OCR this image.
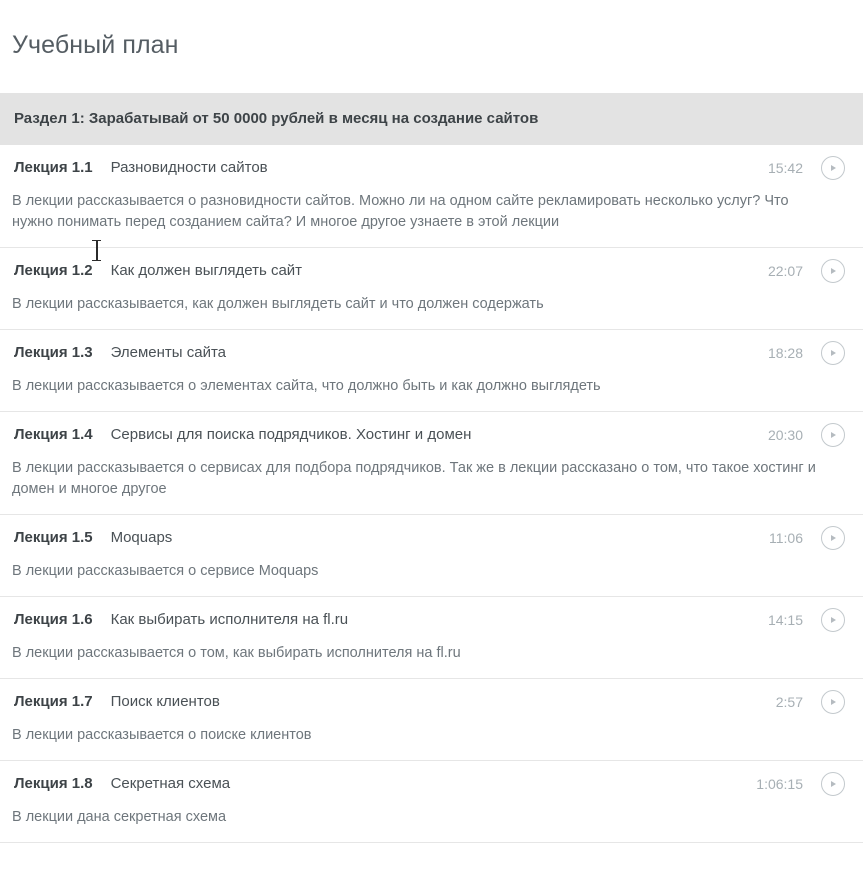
Учебный план
Раздел 1: Зарабатывай от 50 0000 рублей в месяц на создание сайтов
Лекция 1.1 Разновидности сайтов	15:42
В лекции рассказывается о разновидности сайтов. Можно ли на одном сайте рекламировать несколько услуг? Что нужно понимать перед созданием сайта? И многое другое узнаете в этой лекции
Лекция 1.2 Как должен выглядеть сайт	22:07
В лекции рассказывается, как должен выглядеть сайт и что должен содержать
Лекция 1.3 Элементы сайта	18:28
В лекции рассказывается о элементах сайта, что должно быть и как должно выглядеть
Лекция 1.4 Сервисы для поиска подрядчиков. Хостинг и домен	20:30
В лекции рассказывается о сервисах для подбора подрядчиков. Так же в лекции рассказано о том, что такое хостинг и домен и многое другое
Лекция 1.5 Moquaps	11:06
В лекции рассказывается о сервисе Moquaps
Лекция 1.6 Как выбирать исполнителя на fl.ru	14:15
В лекции рассказывается о том, как выбирать исполнителя на fl.ru
Лекция 1.7 Поиск клиентов	2:57
В лекции рассказывается о поиске клиентов
Лекция 1.8 Секретная схема	1:06:15
В лекции дана секретная схема
